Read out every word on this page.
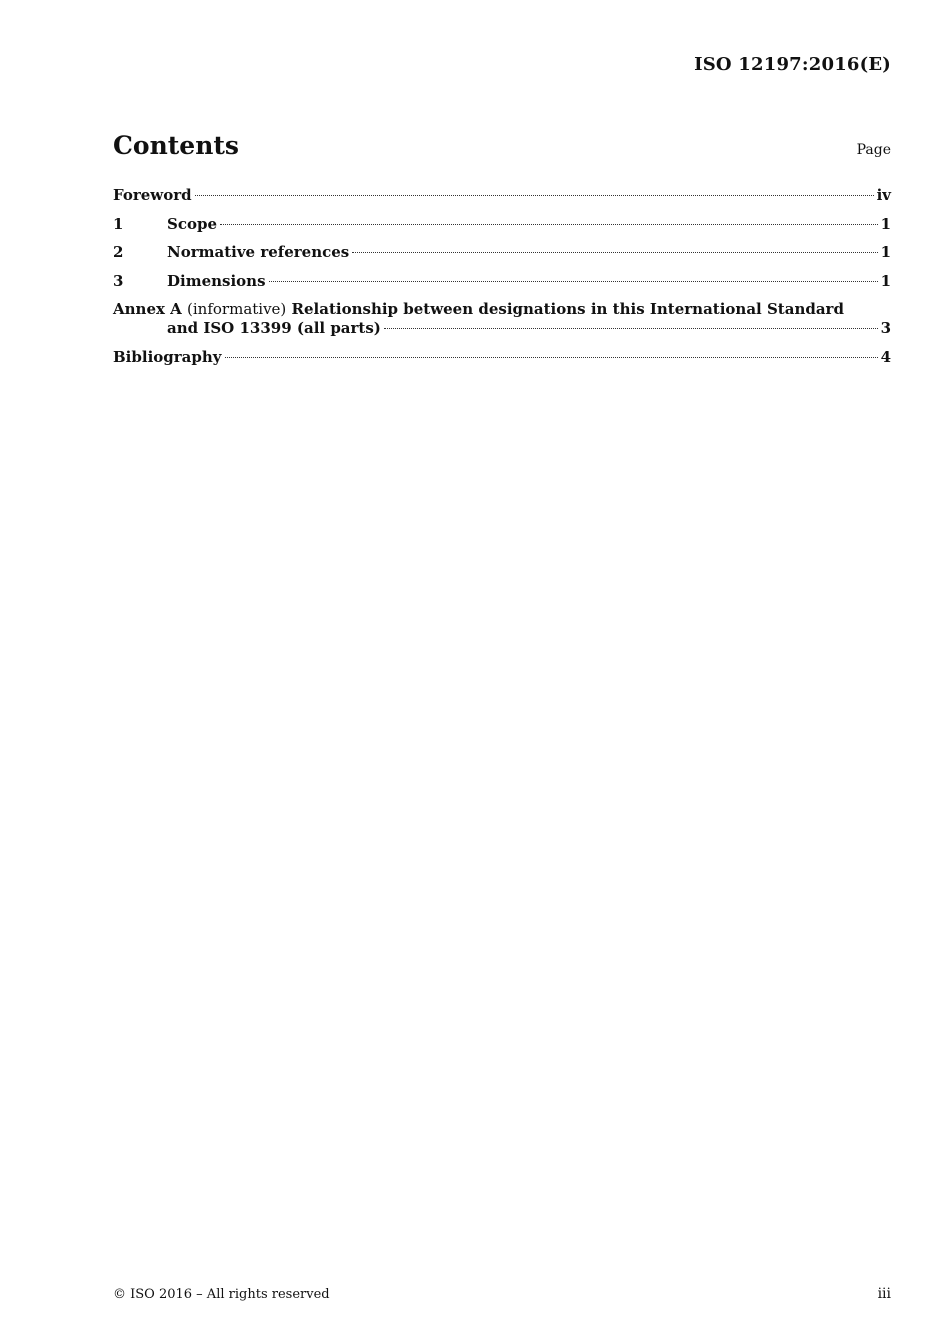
ISO 12197:2016(E)
Contents	Page
Foreword	iv
1	Scope	1
2	Normative references	1
3	Dimensions	1
Annex A (informative) Relationship between designations in this International Standard
and ISO 13399 (all parts)	3
Bibliography	4
© ISO 2016 – All rights reserved	iii
